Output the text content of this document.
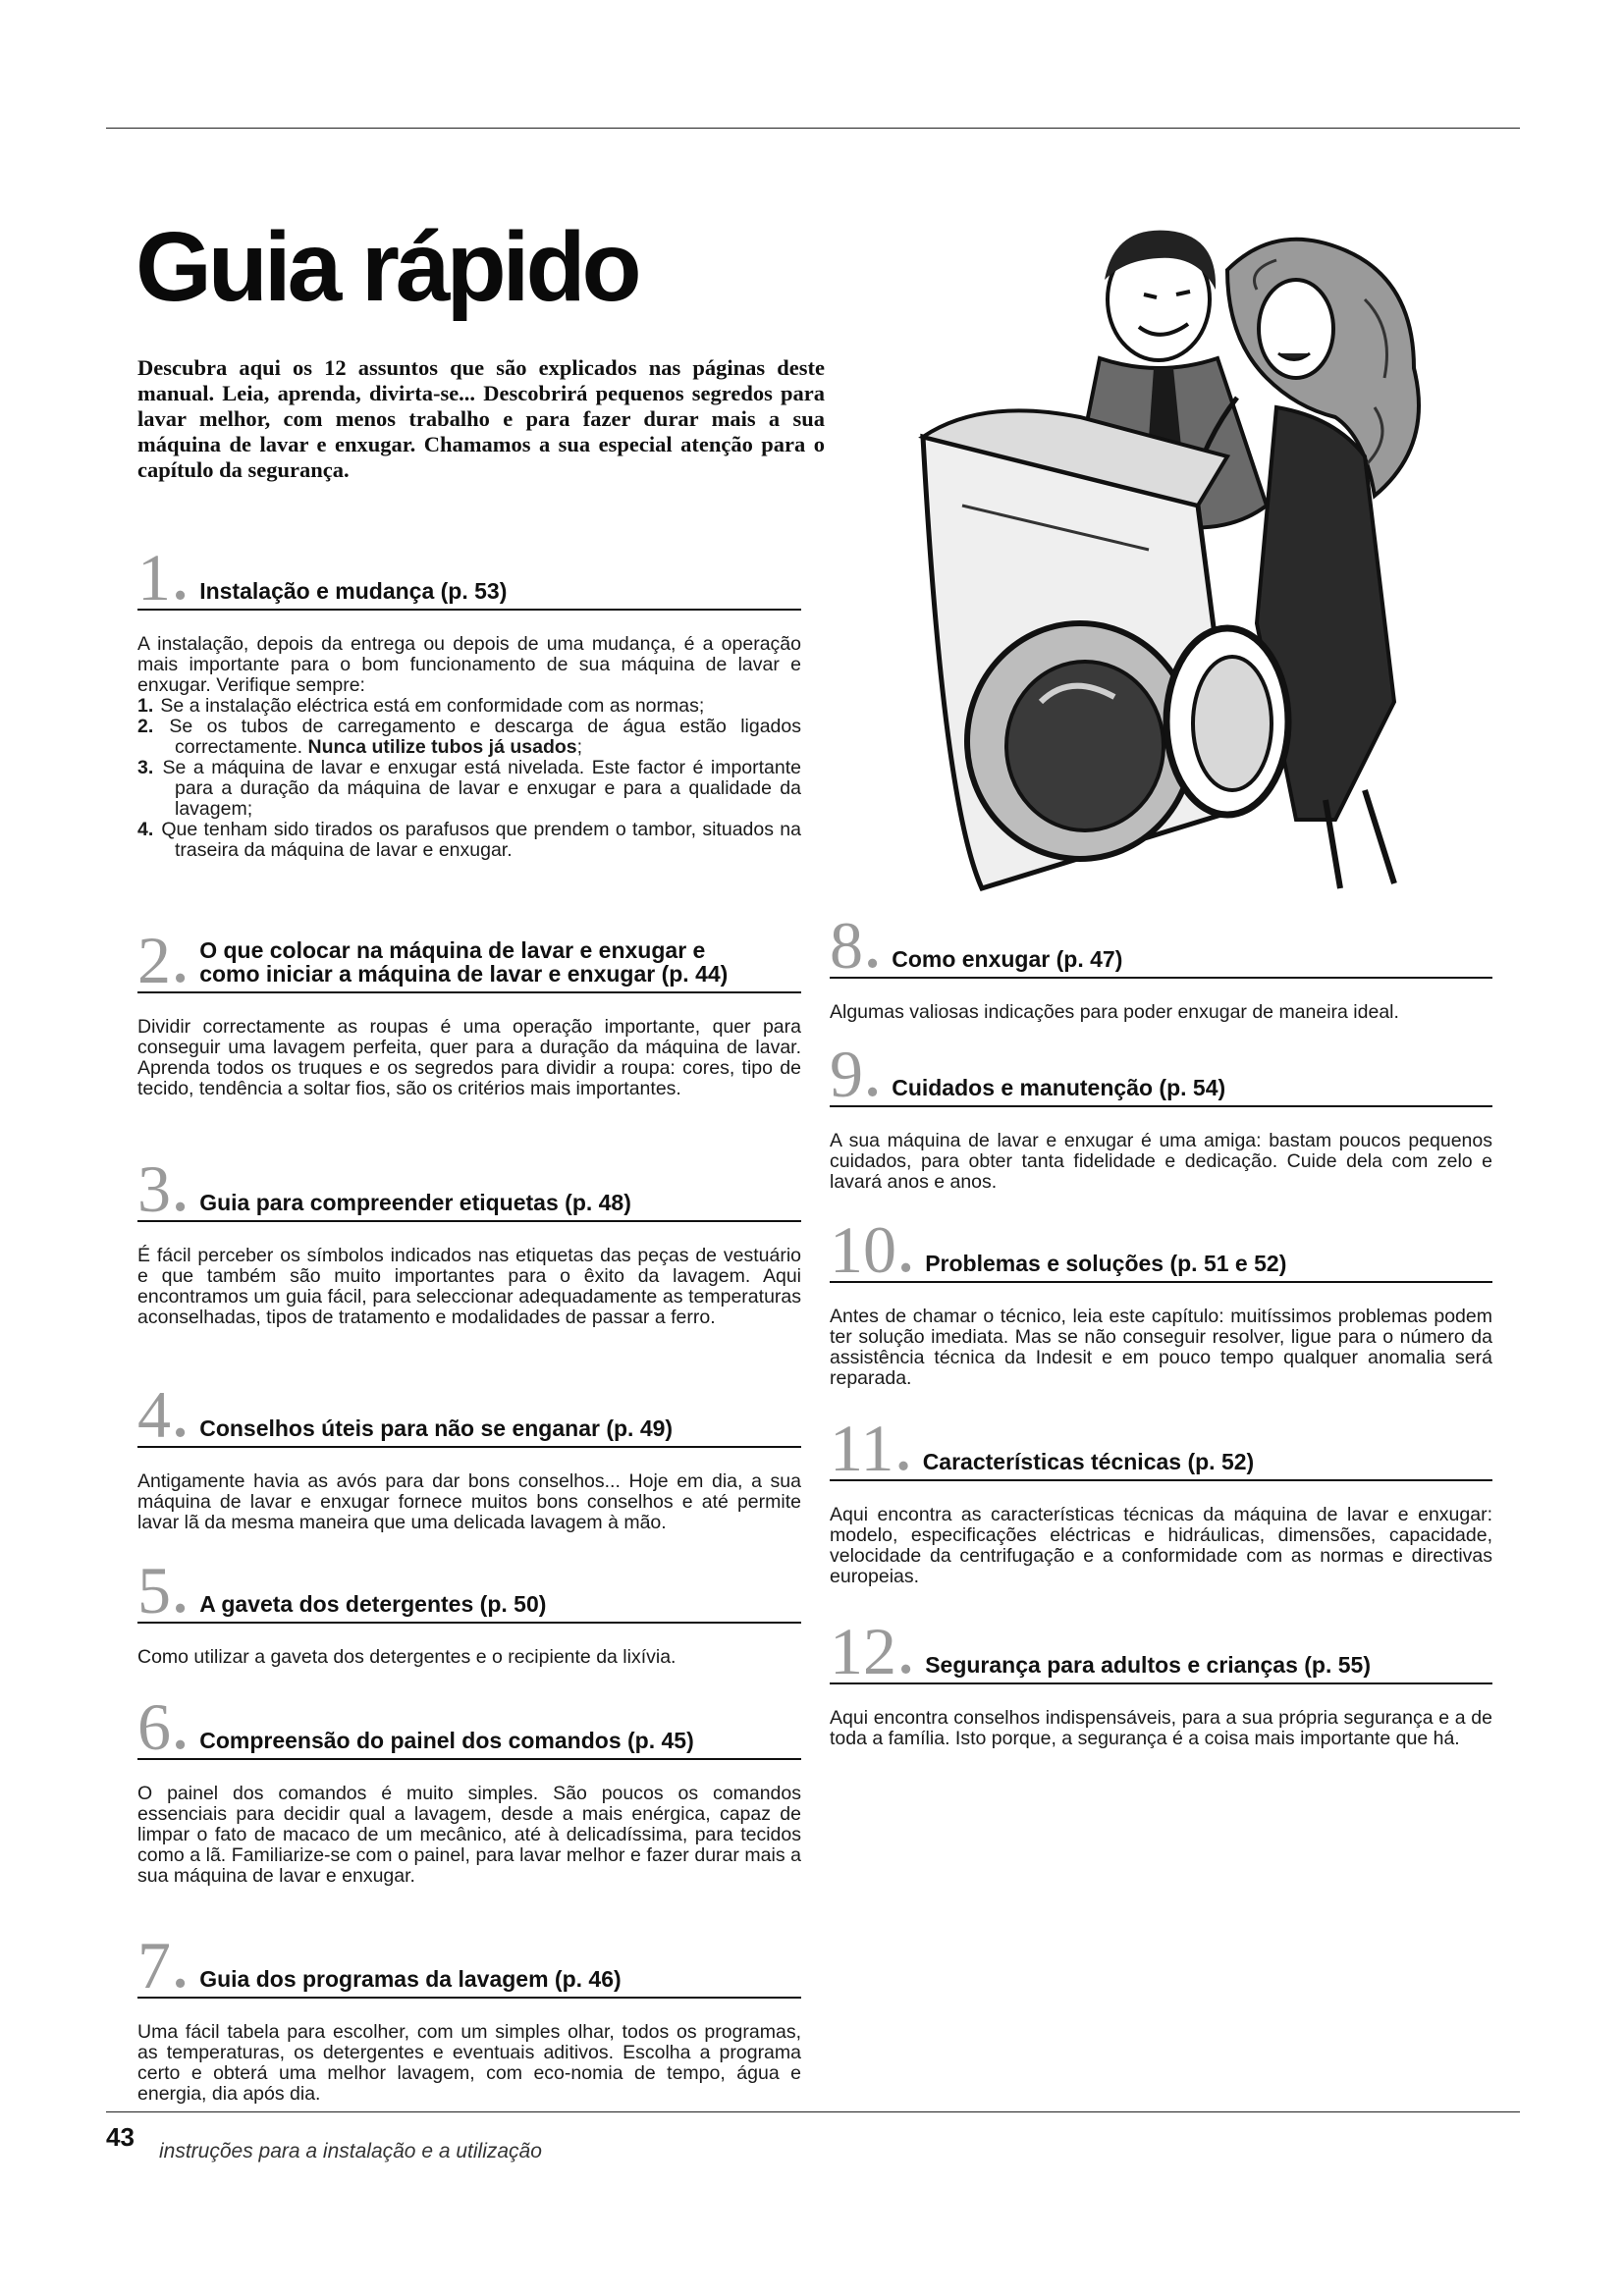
Guia rápido

Descubra aqui os 12 assuntos que são explicados nas páginas deste manual. Leia, aprenda, divirta-se... Descobrirá pequenos segredos para lavar melhor, com menos trabalho e para fazer durar mais a sua máquina de lavar e enxugar. Chamamos a sua especial atenção para o capítulo da segurança.

1 • Instalação e mudança (p. 53)
A instalação, depois da entrega ou depois de uma mudança, é a operação mais importante para o bom funcionamento de sua máquina de lavar e enxugar. Verifique sempre:
1. Se a instalação eléctrica está em conformidade com as normas;
2. Se os tubos de carregamento e descarga de água estão ligados correctamente. Nunca utilize tubos já usados;
3. Se a máquina de lavar e enxugar está nivelada. Este factor é importante para a duração da máquina de lavar e enxugar e para a qualidade da lavagem;
4. Que tenham sido tirados os parafusos que prendem o tambor, situados na traseira da máquina de lavar e enxugar.
2 •
O que colocar na máquina de lavar e enxugar e
como iniciar a máquina de lavar e enxugar (p. 44)

Dividir correctamente as roupas é uma operação importante, quer para conseguir uma lavagem perfeita, quer para a duração da máquina de lavar. Aprenda todos os truques e os segredos para dividir a roupa: cores, tipo de tecido, tendência a soltar fios, são os critérios mais importantes.

3 • Guia para compreender etiquetas (p. 48)

É fácil perceber os símbolos indicados nas etiquetas das peças de vestuário e que também são muito importantes para o êxito da lavagem. Aqui encontramos um guia fácil, para seleccionar adequadamente as temperaturas aconselhadas, tipos de tratamento e modalidades de passar a ferro.

4 • Conselhos úteis para não se enganar (p. 49)

Antigamente havia as avós para dar bons conselhos... Hoje em dia, a sua máquina de lavar e enxugar fornece muitos bons conselhos e até permite lavar lã da mesma maneira que uma delicada lavagem à mão.

5 • A gaveta dos detergentes (p. 50)

Como utilizar a gaveta dos detergentes e o recipiente da lixívia.

6 • Compreensão do painel dos comandos (p. 45)

O painel dos comandos é muito simples. São poucos os comandos essenciais para decidir qual a lavagem, desde a mais enérgica, capaz de limpar o fato de macaco de um mecânico, até à delicadíssima, para tecidos como a lã. Familiarize-se com o painel, para lavar melhor e fazer durar mais a sua máquina de lavar e enxugar.

7 • Guia dos programas da lavagem (p. 46)

Uma fácil tabela para escolher, com um simples olhar, todos os programas, as temperaturas, os detergentes e eventuais aditivos. Escolha a programa certo e obterá uma melhor lavagem, com eco-nomia de tempo, água e energia, dia após dia.

8 • Como enxugar (p. 47)

Algumas valiosas indicações para poder enxugar de maneira ideal.

9 • Cuidados e manutenção (p. 54)

A sua máquina de lavar e enxugar é uma amiga: bastam poucos pequenos cuidados, para obter tanta fidelidade e dedicação. Cuide dela com zelo e lavará anos e anos.

10 • Problemas e soluções (p. 51 e 52)

Antes de chamar o técnico, leia este capítulo: muitíssimos problemas podem ter solução imediata. Mas se não conseguir resolver, ligue para o número da assistência técnica da Indesit e em pouco tempo qualquer anomalia será reparada.

11 • Características técnicas (p. 52)

Aqui encontra as características técnicas da máquina de lavar e enxugar: modelo, especificações eléctricas e hidráulicas, dimensões, capacidade, velocidade da centrifugação e a conformidade com as normas e directivas europeias.

12 • Segurança para adultos e crianças (p. 55)

Aqui encontra conselhos indispensáveis, para a sua própria segurança e a de toda a família. Isto porque, a segurança é a coisa mais importante que há.

43 instruções para a instalação e a utilização
